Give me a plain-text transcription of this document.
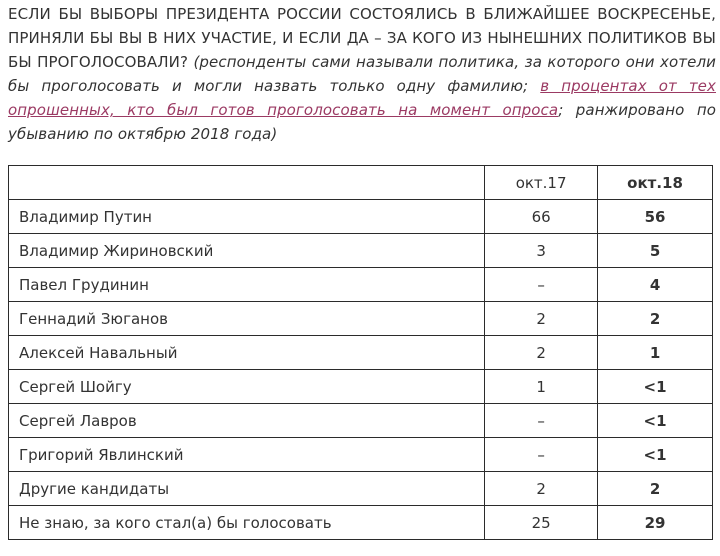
ЕСЛИ БЫ ВЫБОРЫ ПРЕЗИДЕНТА РОССИИ СОСТОЯЛИСЬ В БЛИЖАЙШЕЕ ВОСКРЕСЕНЬЕ, ПРИНЯЛИ БЫ ВЫ В НИХ УЧАСТИЕ, И ЕСЛИ ДА – ЗА КОГО ИЗ НЫНЕШНИХ ПОЛИТИКОВ ВЫ БЫ ПРОГОЛОСОВАЛИ? (респонденты сами называли политика, за которого они хотели бы проголосовать и могли назвать только одну фамилию; в процентах от тех опрошенных, кто был готов проголосовать на момент опроса; ранжировано по убыванию по октябрю 2018 года)
	окт.17	окт.18
Владимир Путин	66	56
Владимир Жириновский	3	5
Павел Грудинин	–	4
Геннадий Зюганов	2	2
Алексей Навальный	2	1
Сергей Шойгу	1	<1
Сергей Лавров	–	<1
Григорий Явлинский	–	<1
Другие кандидаты	2	2
Не знаю, за кого стал(а) бы голосовать	25	29
